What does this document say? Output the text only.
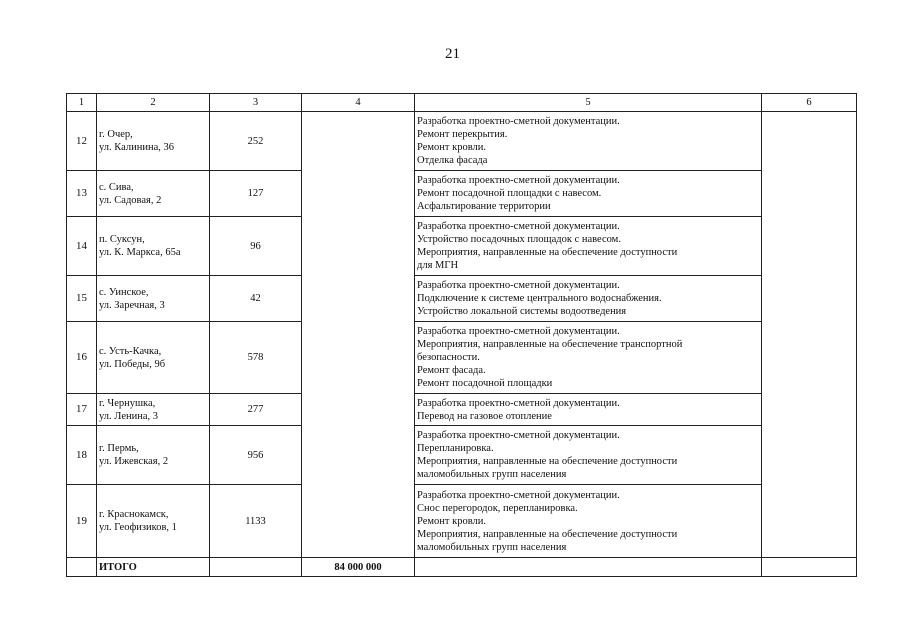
21
1	2	3	4	5	6
12	г. Очер,
ул. Калинина, 36	252		Разработка проектно-сметной документации.
Ремонт перекрытия.
Ремонт кровли.
Отделка фасада	

13	с. Сива,
ул. Садовая, 2	127		Разработка проектно-сметной документации.
Ремонт посадочной площадки с навесом.
Асфальтирование территории	

14	п. Суксун,
ул. К. Маркса, 65а	96		Разработка проектно-сметной документации.
Устройство посадочных площадок с навесом.
Мероприятия, направленные на обеспечение доступности
для МГН	

15	с. Уинское,
ул. Заречная, 3	42		Разработка проектно-сметной документации.
Подключение к системе центрального водоснабжения.
Устройство локальной системы водоотведения	

16	с. Усть-Качка,
ул. Победы, 9б	578		Разработка проектно-сметной документации.
Мероприятия, направленные на обеспечение транспортной
безопасности.
Ремонт фасада.
Ремонт посадочной площадки	

17	г. Чернушка,
ул. Ленина, 3	277		Разработка проектно-сметной документации.
Перевод на газовое отопление	

18	г. Пермь,
ул. Ижевская, 2	956		Разработка проектно-сметной документации.
Перепланировка.
Мероприятия, направленные на обеспечение доступности
маломобильных групп населения	

19	г. Краснокамск,
ул. Геофизиков, 1	1133		Разработка проектно-сметной документации.
Снос перегородок, перепланировка.
Ремонт кровли.
Мероприятия, направленные на обеспечение доступности
маломобильных групп населения	

	ИТОГО		84 000 000		
